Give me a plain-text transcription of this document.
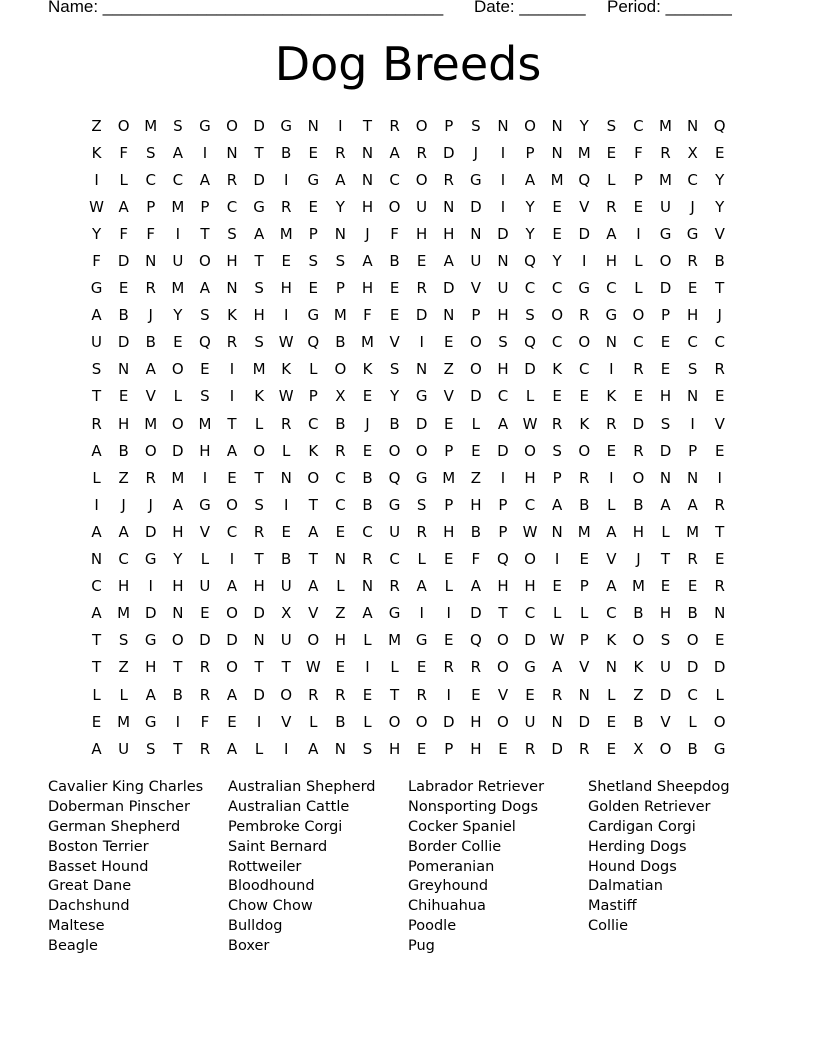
Name: ____________________________________

Date: _______

Period: _______

Dog Breeds
Z	O M	S	G	O	D	G	N	I	T	R	O	P	S	N	O	N	Y	S	C	M	N	Q
K	F	S	A	I	N	T	B	E	R	N	A	R	D	J	I	P	N	M	E	F	R	X	E
I	L	C	C	A	R	D	I	G	A	N	C	O	R	G	I	A	M Q	L	P	M	C	Y
W A	P	M	P	C	G	R	E	Y	H	O	U	N	D	I	Y	E	V	R	E	U	J	Y
Y	F	F	I	T	S	A	M	P	N	J	F	H	H	N	D	Y	E	D	A	I	G	G	V
F	D	N	U	O	H	T	E	S	S	A	B	E	A	U	N	Q	Y	I	H	L	O	R	B
G	E	R	M	A	N	S	H	E	P	H	E	R	D	V	U	C	C	G	C	L	D	E	T
A	B	J	Y	S	K	H	I	G M	F	E	D	N	P	H	S	O	R	G	O	P	H	J
U	D	B	E	Q	R	S W Q	B	M	V	I	E	O	S	Q	C	O	N	C	E	C	C
S	N	A	O	E	I	M	K	L	O	K	S	N	Z	O	H	D	K	C	I	R	E	S	R
T	E	V	L	S	I	K W	P	X	E	Y	G	V	D	C	L	E	E	K	E	H	N	E
R	H M O M	T	L	R	C	B	J	B	D	E	L	A W R	K	R	D	S	I	V
A	B	O	D	H	A	O	L	K	R	E	O	O	P	E	D	O	S	O	E	R	D	P	E
L	Z	R	M	I	E	T	N	O	C	B	Q	G M	Z	I	H	P	R	I	O	N	N	I
I	J	J	A	G	O	S	I	T	C	B	G	S	P	H	P	C	A	B	L	B	A	A	R
A	A	D	H	V	C	R	E	A	E	C	U	R	H	B	P	W N	M	A	H	L	M	T
N	C	G	Y	L	I	T	B	T	N	R	C	L	E	F	Q	O	I	E	V	J	T	R	E
C	H	I	H	U	A	H	U	A	L	N	R	A	L	A	H	H	E	P	A	M	E	E	R
A	M D	N	E	O	D	X	V	Z	A	G	I	I	D	T	C	L	L	C	B	H	B	N
T	S	G	O	D	D	N	U	O	H	L	M G	E	Q	O	D W	P	K	O	S	O	E
T	Z	H	T	R	O	T	T	W E	I	L	E	R	R	O	G	A	V	N	K	U	D	D
L	L	A	B	R	A	D	O	R	R	E	T	R	I	E	V	E	R	N	L	Z	D	C	L
E	M G	I	F	E	I	V	L	B	L	O	O	D	H	O	U	N	D	E	B	V	L	O
A	U	S	T	R	A	L	I	A	N	S	H	E	P	H	E	R	D	R	E	X	O	B	G
Cavalier King Charles
Doberman Pinscher
German Shepherd
Boston Terrier
Basset Hound
Great Dane
Dachshund
Maltese
Beagle
Australian Shepherd
Australian Cattle
Pembroke Corgi
Saint Bernard
Rottweiler
Bloodhound
Chow Chow
Bulldog
Boxer
Labrador Retriever
Nonsporting Dogs
Cocker Spaniel
Border Collie
Pomeranian
Greyhound
Chihuahua
Poodle
Pug
Shetland Sheepdog
Golden Retriever
Cardigan Corgi
Herding Dogs
Hound Dogs
Dalmatian
Mastiff
Collie
